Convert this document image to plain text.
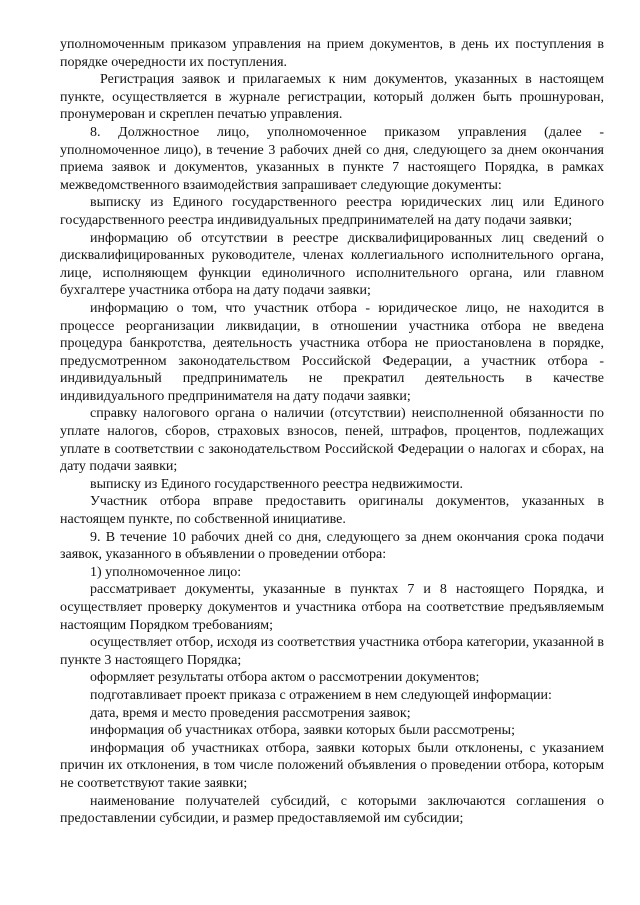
уполномоченным приказом управления на прием документов, в день их поступления в порядке очередности их поступления.

Регистрация заявок и прилагаемых к ним документов, указанных в настоящем пункте, осуществляется в журнале регистрации, который должен быть прошнурован, пронумерован и скреплен печатью управления.

8. Должностное лицо, уполномоченное приказом управления (далее - уполномоченное лицо), в течение 3 рабочих дней со дня, следующего за днем окончания приема заявок и документов, указанных в пункте 7 настоящего Порядка, в рамках межведомственного взаимодействия запрашивает следующие документы:

выписку из Единого государственного реестра юридических лиц или Единого государственного реестра индивидуальных предпринимателей на дату подачи заявки;

информацию об отсутствии в реестре дисквалифицированных лиц сведений о дисквалифицированных руководителе, членах коллегиального исполнительного органа, лице, исполняющем функции единоличного исполнительного органа, или главном бухгалтере участника отбора на дату подачи заявки;

информацию о том, что участник отбора - юридическое лицо, не находится в процессе реорганизации ликвидации, в отношении участника отбора не введена процедура банкротства, деятельность участника отбора не приостановлена в порядке, предусмотренном законодательством Российской Федерации, а участник отбора - индивидуальный предприниматель не прекратил деятельность в качестве индивидуального предпринимателя на дату подачи заявки;

справку налогового органа о наличии (отсутствии) неисполненной обязанности по уплате налогов, сборов, страховых взносов, пеней, штрафов, процентов, подлежащих уплате в соответствии с законодательством Российской Федерации о налогах и сборах, на дату подачи заявки;

выписку из Единого государственного реестра недвижимости.

Участник отбора вправе предоставить оригиналы документов, указанных в настоящем пункте, по собственной инициативе.

9. В течение 10 рабочих дней со дня, следующего за днем окончания срока подачи заявок, указанного в объявлении о проведении отбора:

1) уполномоченное лицо:

рассматривает документы, указанные в пунктах 7 и 8 настоящего Порядка, и осуществляет проверку документов и участника отбора на соответствие предъявляемым настоящим Порядком требованиям;

осуществляет отбор, исходя из соответствия участника отбора категории, указанной в пункте 3 настоящего Порядка;

оформляет результаты отбора актом о рассмотрении документов;

подготавливает проект приказа с отражением в нем следующей информации:

дата, время и место проведения рассмотрения заявок;

информация об участниках отбора, заявки которых были рассмотрены;

информация об участниках отбора, заявки которых были отклонены, с указанием причин их отклонения, в том числе положений объявления о проведении отбора, которым не соответствуют такие заявки;

наименование получателей субсидий, с которыми заключаются соглашения о предоставлении субсидии, и размер предоставляемой им субсидии;
